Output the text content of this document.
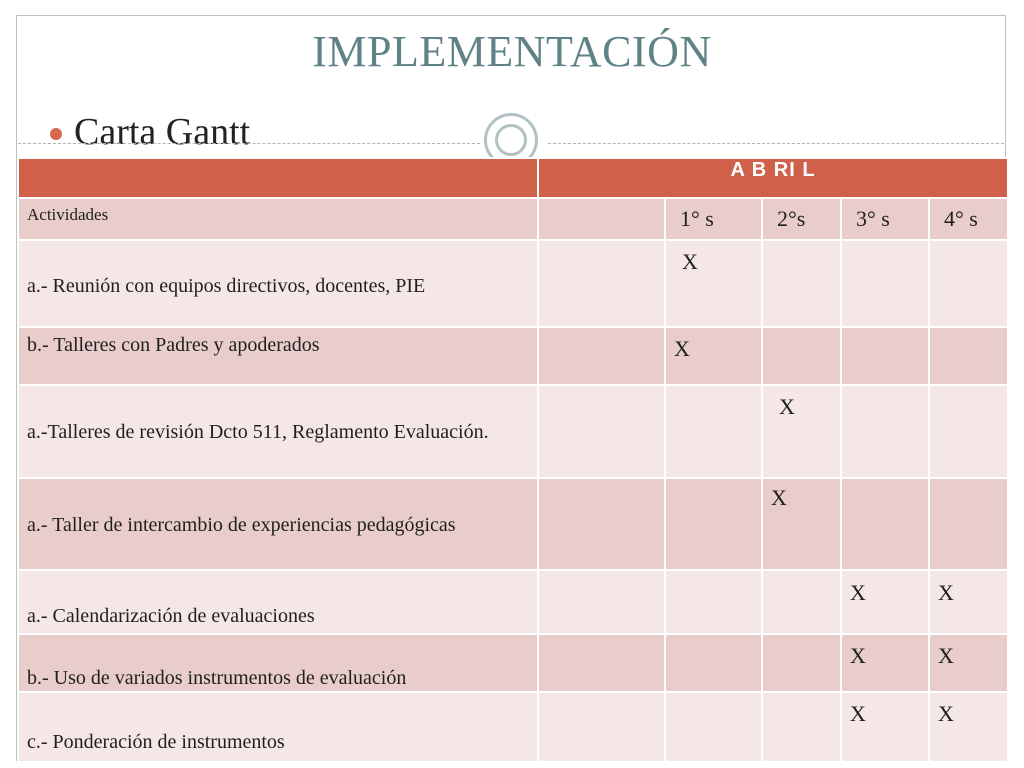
IMPLEMENTACIÓN
Carta Gantt
	A B RI L				
Actividades		1° s	2°s	3° s	4° s
a.- Reunión con equipos directivos, docentes, PIE		X			
b.- Talleres con Padres y apoderados		X			
a.-Talleres de revisión Dcto 511, Reglamento Evaluación.			X		
a.- Taller de intercambio de experiencias pedagógicas			X		
a.- Calendarización de evaluaciones				X	X
b.- Uso de variados instrumentos de evaluación				X	X
c.- Ponderación de instrumentos				X	X
